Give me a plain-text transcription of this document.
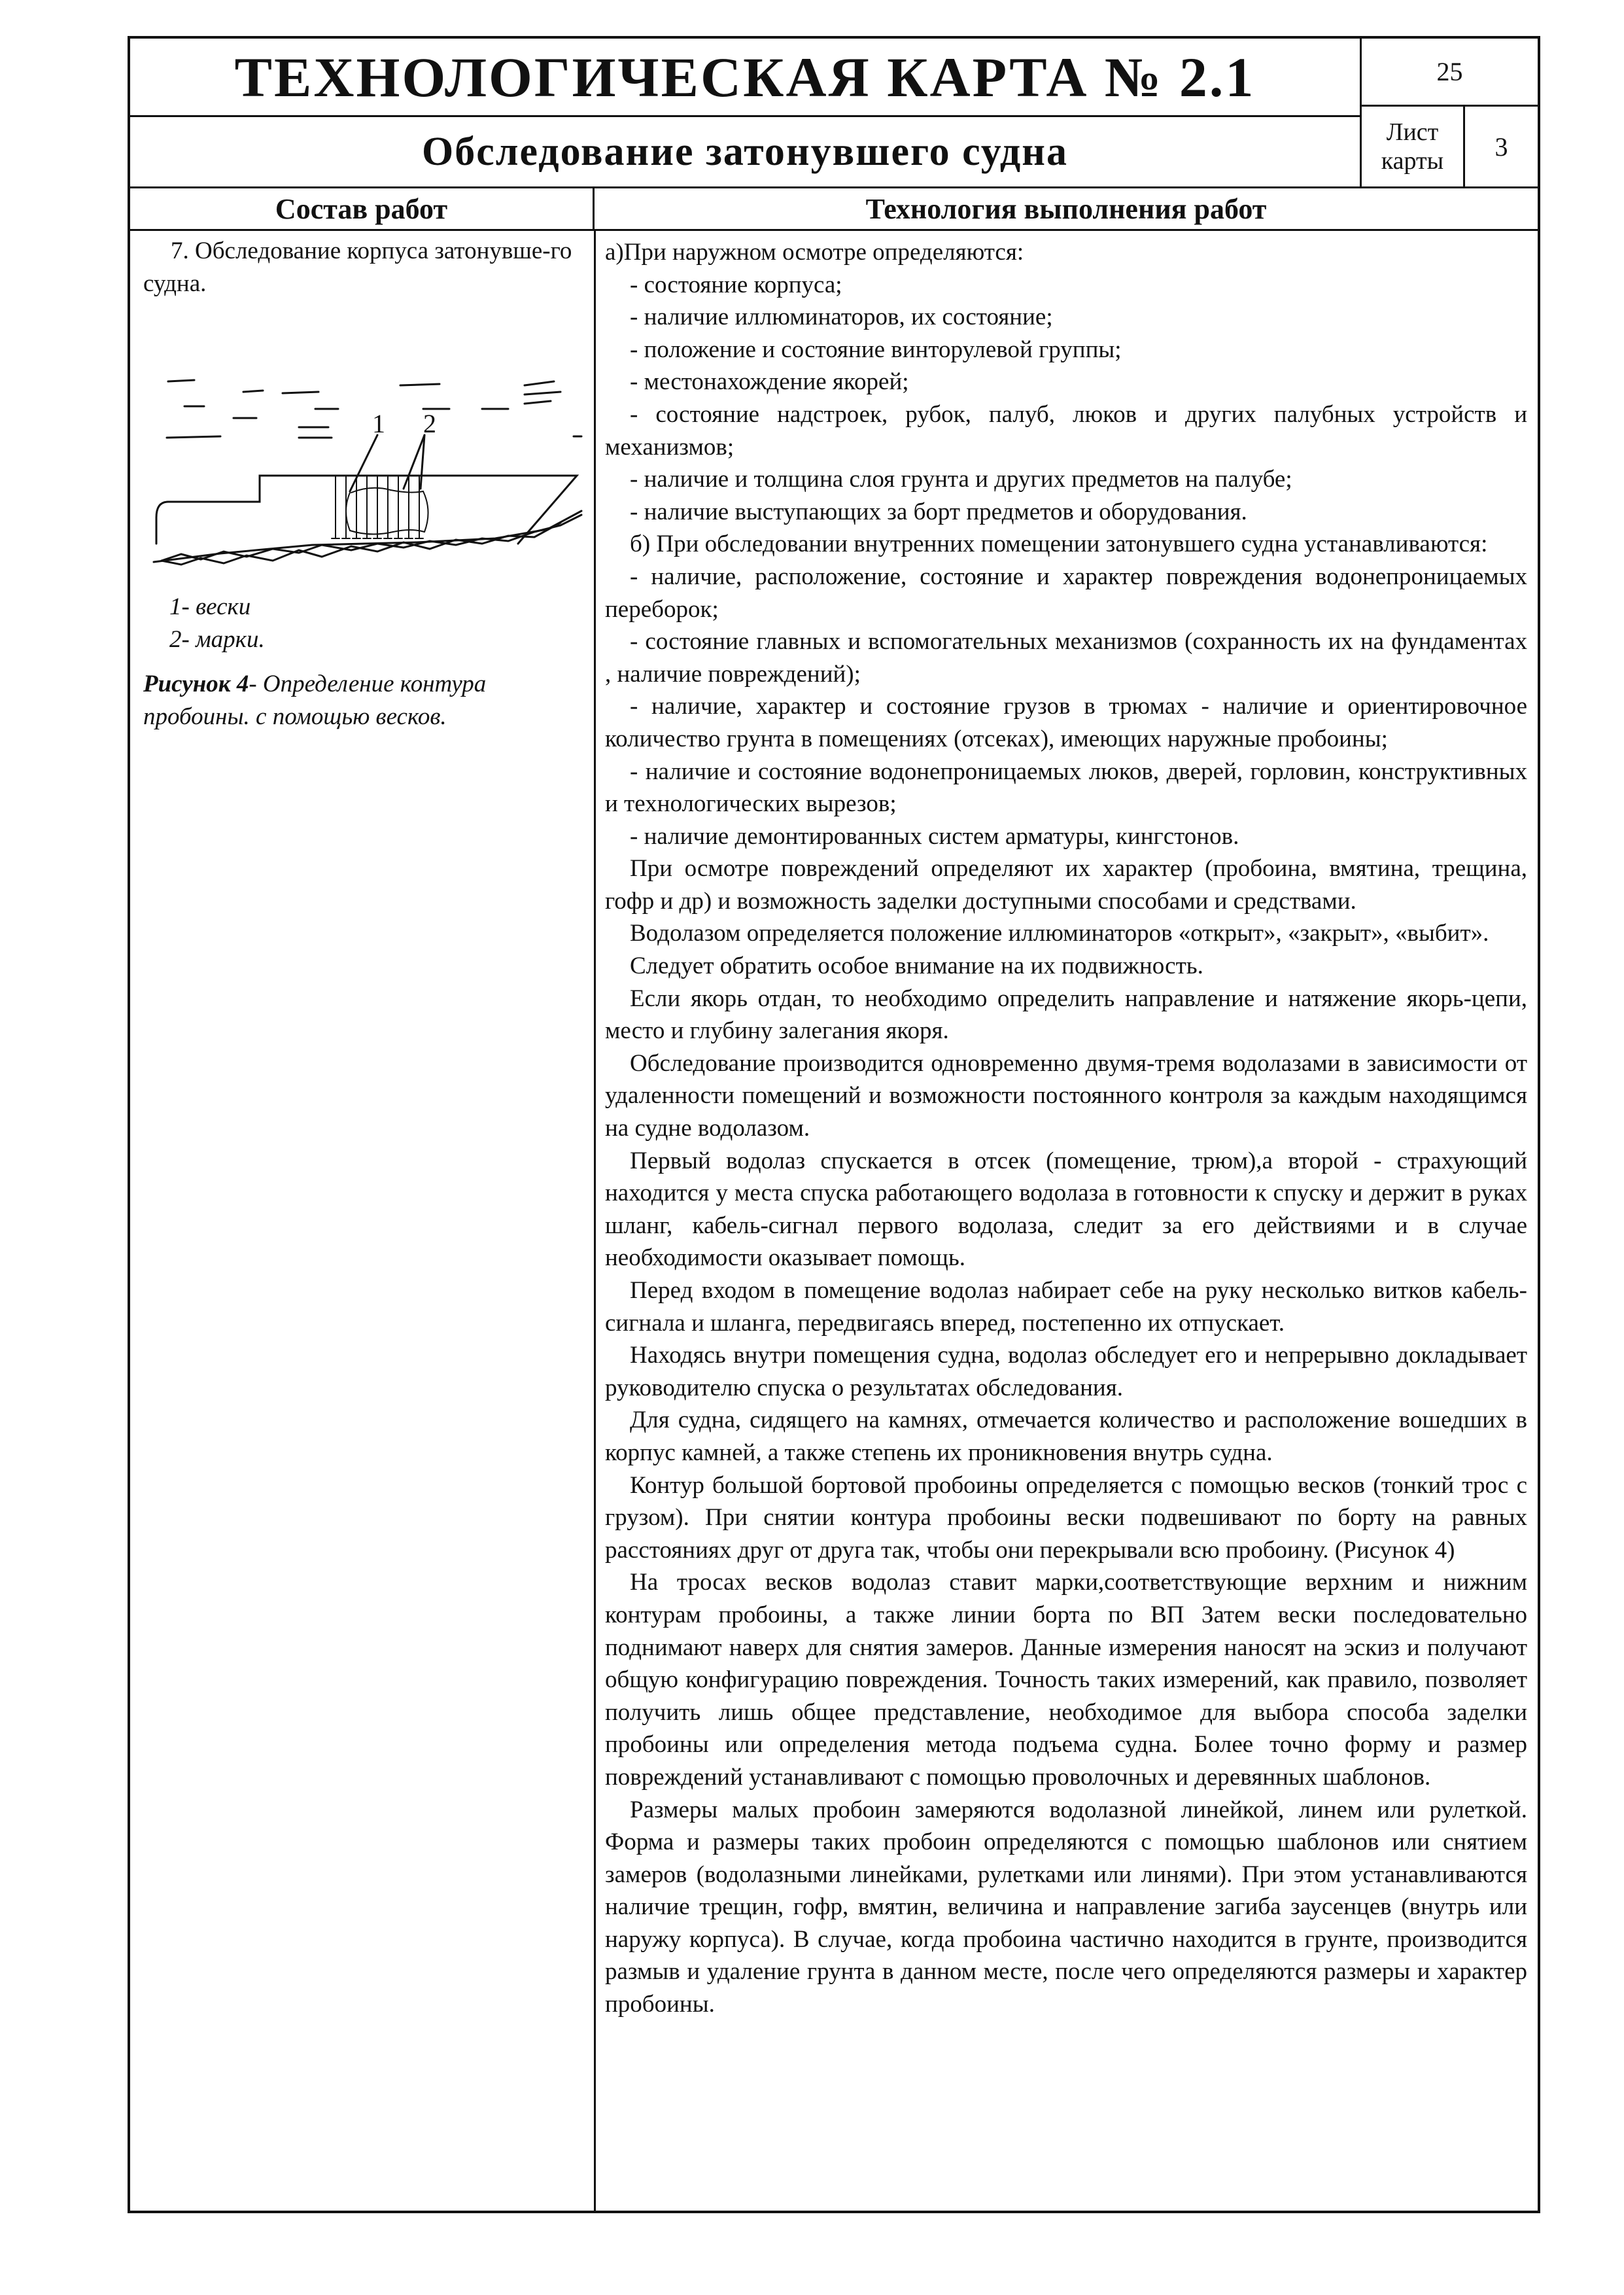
ТЕХНОЛОГИЧЕСКАЯ КАРТА № 2.1
Обследование затонувшего судна
25
Лист
карты	3
Состав работ	Технология выполнения работ

7. Обследование корпуса затонувше-го судна.

1 2
1- вески
2- марки.
Рисунок 4- Определение контура пробоины. с помощью весков.

а)При наружном осмотре определяются:

- состояние корпуса;

- наличие иллюминаторов, их состояние;

- положение и состояние винторулевой группы;

- местонахождение якорей;

- состояние надстроек, рубок, палуб, люков и других палубных устройств и механизмов;

- наличие и толщина слоя грунта и других предметов на палубе;

- наличие выступающих за борт предметов и оборудования.

б) При обследовании внутренних помещении затонувшего судна устанавливаются:

- наличие, расположение, состояние и характер повреждения водонепроницаемых переборок;

- состояние главных и вспомогательных механизмов (сохранность их на фундаментах , наличие повреждений);

- наличие, характер и состояние грузов в трюмах - наличие и ориентировочное количество грунта в помещениях (отсеках), имеющих наружные пробоины;

- наличие и состояние водонепроницаемых люков, дверей, горловин, конструктивных и технологических вырезов;

- наличие демонтированных систем арматуры, кингстонов.

При осмотре повреждений определяют их характер (пробоина, вмятина, трещина, гофр и др) и возможность заделки доступными способами и средствами.

Водолазом определяется положение иллюминаторов «открыт», «закрыт», «выбит».

Следует обратить особое внимание на их подвижность.

Если якорь отдан, то необходимо определить направление и натяжение якорь-цепи, место и глубину залегания якоря.

Обследование производится одновременно двумя-тремя водолазами в зависимости от удаленности помещений и возможности постоянного контроля за каждым находящимся на судне водолазом.

Первый водолаз спускается в отсек (помещение, трюм),а второй - страхующий находится у места спуска работающего водолаза в готовности к спуску и держит в руках шланг, кабель-сигнал первого водолаза, следит за его действиями и в случае необходимости оказывает помощь.

Перед входом в помещение водолаз набирает себе на руку несколько витков кабель-сигнала и шланга, передвигаясь вперед, постепенно их отпускает.

Находясь внутри помещения судна, водолаз обследует его и непрерывно докладывает руководителю спуска о результатах обследования.

Для судна, сидящего на камнях, отмечается количество и расположение вошедших в корпус камней, а также степень их проникновения внутрь судна.

Контур большой бортовой пробоины определяется с помощью весков (тонкий трос с грузом). При снятии контура пробоины вески подвешивают по борту на равных расстояниях друг от друга так, чтобы они перекрывали всю пробоину. (Рисунок 4)

На тросах весков водолаз ставит марки,соответствующие верхним и нижним контурам пробоины, а также линии борта по ВП Затем вески последовательно поднимают наверх для снятия замеров. Данные измерения наносят на эскиз и получают общую конфигурацию повреждения. Точность таких измерений, как правило, позволяет получить лишь общее представление, необходимое для выбора способа заделки пробоины или определения метода подъема судна. Более точно форму и размер повреждений устанавливают с помощью проволочных и деревянных шаблонов.

Размеры малых пробоин замеряются водолазной линейкой, линем или рулеткой. Форма и размеры таких пробоин определяются с помощью шаблонов или снятием замеров (водолазными линейками, рулетками или линями). При этом устанавливаются наличие трещин, гофр, вмятин, величина и направление загиба заусенцев (внутрь или наружу корпуса). В случае, когда пробоина частично находится в грунте, производится размыв и удаление грунта в данном месте, после чего определяются размеры и характер пробоины.
